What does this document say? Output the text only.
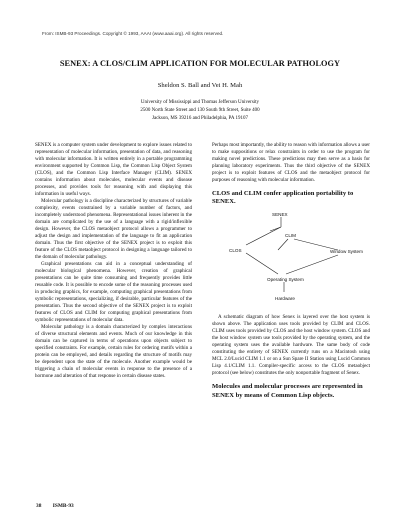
From: ISMB-93 Proceedings. Copyright © 1993, AAAI (www.aaai.org). All rights reserved.
SENEX: A CLOS/CLIM APPLICATION FOR MOLECULAR PATHOLOGY
Sheldon S. Ball and Vei H. Mah
University of Mississippi and Thomas Jefferson University
2500 North State Street and 130 South 9th Street, Suite 400
Jackson, MS 39216 and Philadelphia, PA 19107

SENEX is a computer system under development to explore issues related to representation of molecular information, presentation of data, and reasoning with molecular information. It is written entirely in a portable programming environment supported by Common Lisp, the Common Lisp Object System (CLOS), and the Common Lisp Interface Manager (CLIM). SENEX contains information about molecules, molecular events and disease processes, and provides tools for reasoning with and displaying this information in useful ways.

Molecular pathology is a discipline characterized by structures of variable complexity, events constrained by a variable number of factors, and incompletely understood phenomena. Representational issues inherent in the domain are complicated by the use of a language with a rigid/inflexible design. However, the CLOS metaobject protocol allows a programmer to adjust the design and implementation of the language to fit an application domain. Thus the first objective of the SENEX project is to exploit this feature of the CLOS metaobject protocol in designing a language tailored to the domain of molecular pathology.

Graphical presentations can aid in a conceptual understanding of molecular biological phenomena. However, creation of graphical presentations can be quite time consuming and frequently provides little reusable code. It is possible to encode some of the reasoning processes used in producing graphics, for example, computing graphical presentations from symbolic representations, specializing, if desirable, particular features of the presentation. Thus the second objective of the SENEX project is to exploit features of CLOS and CLIM for computing graphical presentations from symbolic representations of molecular data.

Molecular pathology is a domain characterized by complex interactions of diverse structural elements and events. Much of our knowledge in this domain can be captured in terms of operations upon objects subject to specified constraints. For example, certain rules for ordering motifs within a protein can be employed, and details regarding the structure of motifs may be dependent upon the state of the molecule. Another example would be triggering a chain of molecular events in response to the presence of a hormone and alteration of that response in certain disease states.

Perhaps most importantly, the ability to reason with information allows a user to make suppositions or relax constraints in order to use the program for making novel predictions. These predictions may then serve as a basis for planning laboratory experiments. Thus the third objective of the SENEX project is to exploit features of CLOS and the metaobject protocol for purposes of reasoning with molecular information.

CLOS and CLIM confer application portability to SENEX.
SENEX
CLIM
CLOS	Window System
Operating System
Hardware

A schematic diagram of how Senex is layered over the host system is shown above. The application uses tools provided by CLIM and CLOS. CLIM uses tools provided by CLOS and the host window system. CLOS and the host window system use tools provided by the operating system, and the operating system uses the available hardware. The same body of code constituting the entirety of SENEX currently runs on a Macintosh using MCL 2.0/Lucid CLIM 1.1 or on a Sun Spare II Station using Lucid Common Lisp 4.1/CLIM 1.1. Compiler-specific access to the CLOS metaobject protocol (see below) constitutes the only nonportable fragment of Senex.

Molecules and molecular processes are represented in SENEX by means of Common Lisp objects.
38 ISMB-93
